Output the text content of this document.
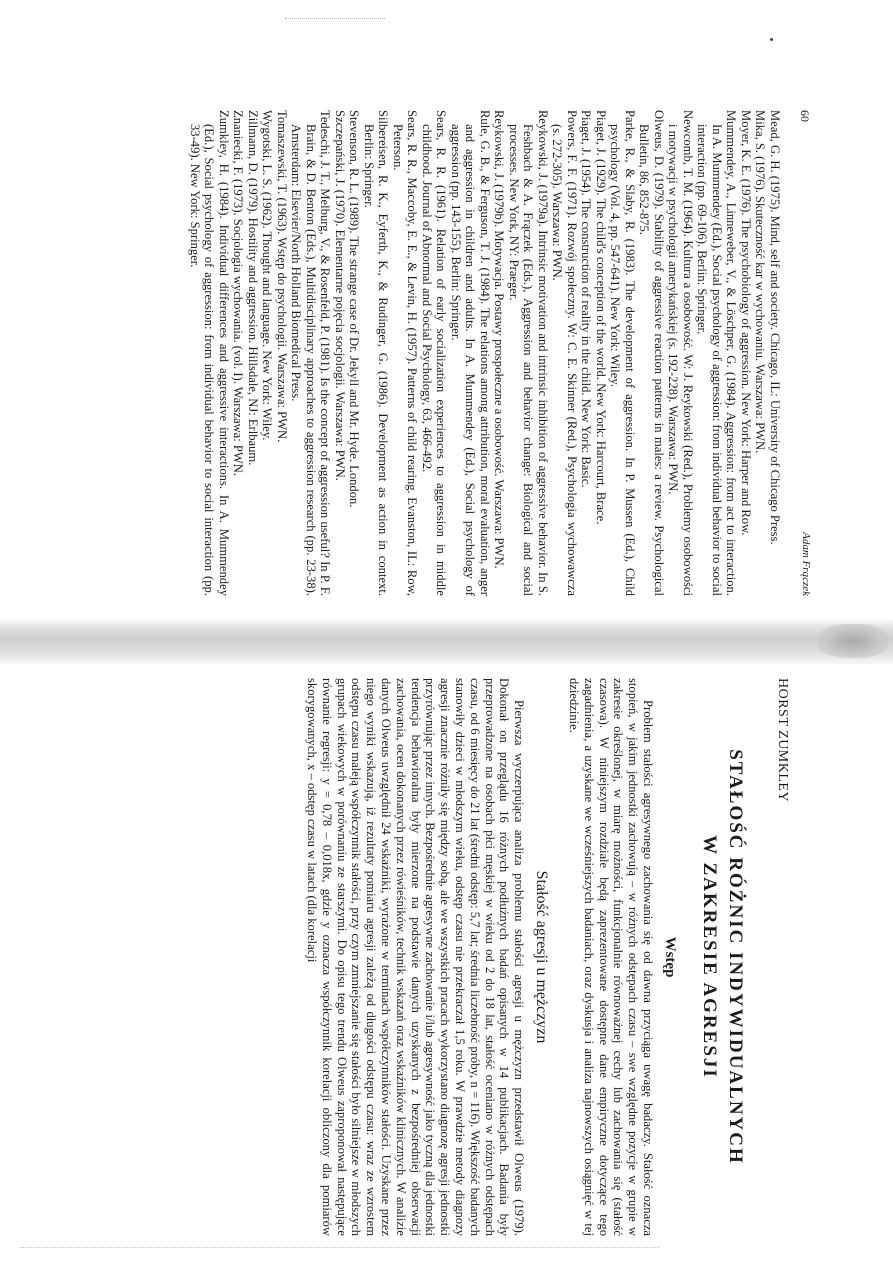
60
Adam Frączek
Mead, G. H. (1975). Mind, self and society. Chicago, IL: University of Chicago Press.
Mika, S. (1976). Skuteczność kar w wychowaniu. Warszawa: PWN.
Moyer, K. E. (1976). The psychobiology of aggression. New York: Harper and Row.
Mummendey, A., Linneweber, V., & Löschper, G. (1984). Aggression: from act to interaction. In A. Mummendey (Ed.), Social psychology of aggression: from individual behavior to social interaction (pp. 69-106). Berlin: Springer.
Newcomb, T. M. (1964). Kultura a osobowość. W: J. Reykowski (Red.), Problemy osobowości i motywacji w psychologii amerykańskiej (s. 192-228). Warszawa: PWN.
Olweus, D. (1979). Stability of aggressive reaction patterns in males: a review. Psychological Bulletin, 86, 852-875.
Parke, R., & Slaby, R. (1983). The development of aggression. In P. Mussen (Ed.), Child psychology (Vol. 4, pp. 547-641). New York: Wiley.
Piaget, J. (1929). The child's conception of the world. New York: Harcourt, Brace.
Piaget, J. (1954). The construction of reality in the child. New York: Basic.
Powers, F. F. (1971). Rozwój społeczny. W: C. E. Skinner (Red.), Psychologia wychowawcza (s. 272-305). Warszawa: PWN.
Reykowski, J. (1979a). Intrinsic motivation and intrinsic inhibition of aggressive behavior. In S. Feshbach & A. Frączek (Eds.), Aggression and behavior change: Biological and social processes. New York, NY: Praeger.
Reykowski, J. (1979b). Motywacja. Postawy prospołeczne a osobowość. Warszawa: PWN.
Rule, G. B., & Ferguson, T. J. (1984). The relations among attribution, moral evaluation, anger and aggression in children and adults. In A. Mummendey (Ed.), Social psychology of aggression (pp. 143-155). Berlin: Springer.
Sears, R. R. (1961). Relation of early socialization experiences to aggression in middle childhood. Journal of Abnormal and Social Psychology, 63, 466-492.
Sears, R. R., Maccoby, E. E., & Levin, H. (1957). Patterns of child rearing. Evanston, IL: Row, Peterson.
Silbereisen, R. K., Eyferth, K., & Rudinger, G. (1986). Development as action in context. Berlin: Springer.
Stevenson, R. L. (1989). The strange case of Dr. Jekyll and Mr. Hyde. London.
Szczepański, J. (1970). Elementarne pojęcia socjologii. Warszawa: PWN.
Tedeschi, J. T., Melburg, V., & Rosenfeld, P. (1981). Is the concept of aggression useful? In P. F. Brain, & D. Benton (Eds.), Multidisciplinary approaches to aggression research (pp. 23-38). Amsterdam: Elsevier/North Holland Biomedical Press.
Tomaszewski, T. (1963). Wstęp do psychologii. Warszawa: PWN.
Wygotski, L. S. (1962). Thought and language. New York: Wiley.
Zillmann, D. (1979). Hostility and aggression. Hillsdale, NJ: Erlbaum.
Znaniecki, F. (1973). Socjologia wychowania. (vol. I). Warszawa: PWN.
Zumkley, H. (1984). Individual differences and aggressive interactions. In A. Mummendey (Ed.), Social psychology of aggression: from individual behavior to social interaction (pp. 33-49). New York: Springer.
HORST ZUMKLEY
STAŁOŚĆ RÓŻNIC INDYWIDUALNYCH
W ZAKRESIE AGRESJI
Wstęp

Problem stałości agresywnego zachowania się od dawna przyciąga uwagę badaczy. Stałość oznacza stopień, w jakim jednostki zachowują – w różnych odstępach czasu – swe względne pozycje w grupie w zakresie określonej, w miarę możności, funkcjonalnie równoważnej cechy lub zachowania się (stałość czasowa). W niniejszym rozdziale będą zaprezentowane dostępne dane empiryczne dotyczące tego zagadnienia, a uzyskane we wcześniejszych badaniach, oraz dyskusja i analiza najnowszych osiągnięć w tej dziedzinie.

Stałość agresji u mężczyzn

Pierwsza wyczerpująca analiza problemu stałości agresji u mężczyzn przedstawił Olweus (1979). Dokonał on przeglądu 16 różnych podłużnych badań opisanych w 14 publikacjach. Badania były przeprowadzone na osobach płci męskiej w wieku od 2 do 18 lat, stałość oceniano w różnych odstępach czasu, od 6 miesięcy do 21 lat (średni odstęp: 5,7 lat; średnia liczebność próby, n = 116). Większość badanych stanowiły dzieci w młodszym wieku, odstęp czasu nie przekraczał 1,5 roku. W prawdzie metody diagnozy agresji znacznie różniły się między sobą, ale we wszystkich pracach wykorzystano diagnozę agresji jednostki przyrównując przez innych. Bezpośrednie agresywne zachowanie i/lub agresywność jako tyczną dla jednostki tendencja behawioralna były mierzone na podstawie danych uzyskanych z bezpośredniej obserwacji zachowania, ocen dokonanych przez rówieśników, technik wskazań oraz wskaźników klinicznych. W analizie danych Olweus uwzględnił 24 wskaźniki, wyrażone w terminach współczynników stałości. Uzyskane przez niego wyniki wskazują, iż rezultaty pomiaru agresji zależą od długości odstępu czasu: wraz ze wzrostem odstępu czasu maleją współczynnik stałości, przy czym zmniejszanie się stałości było silniejsze w młodszych grupach wiekowych w porównaniu ze starszymi. Do opisu tego trendu Olweus zaproponował następujące równanie regresji: y = 0,78 – 0,018x, gdzie y oznacza współczynnik korelacji obliczony dla pomiarów skorygowanych, x – odstęp czasu w latach (dla korelacji
